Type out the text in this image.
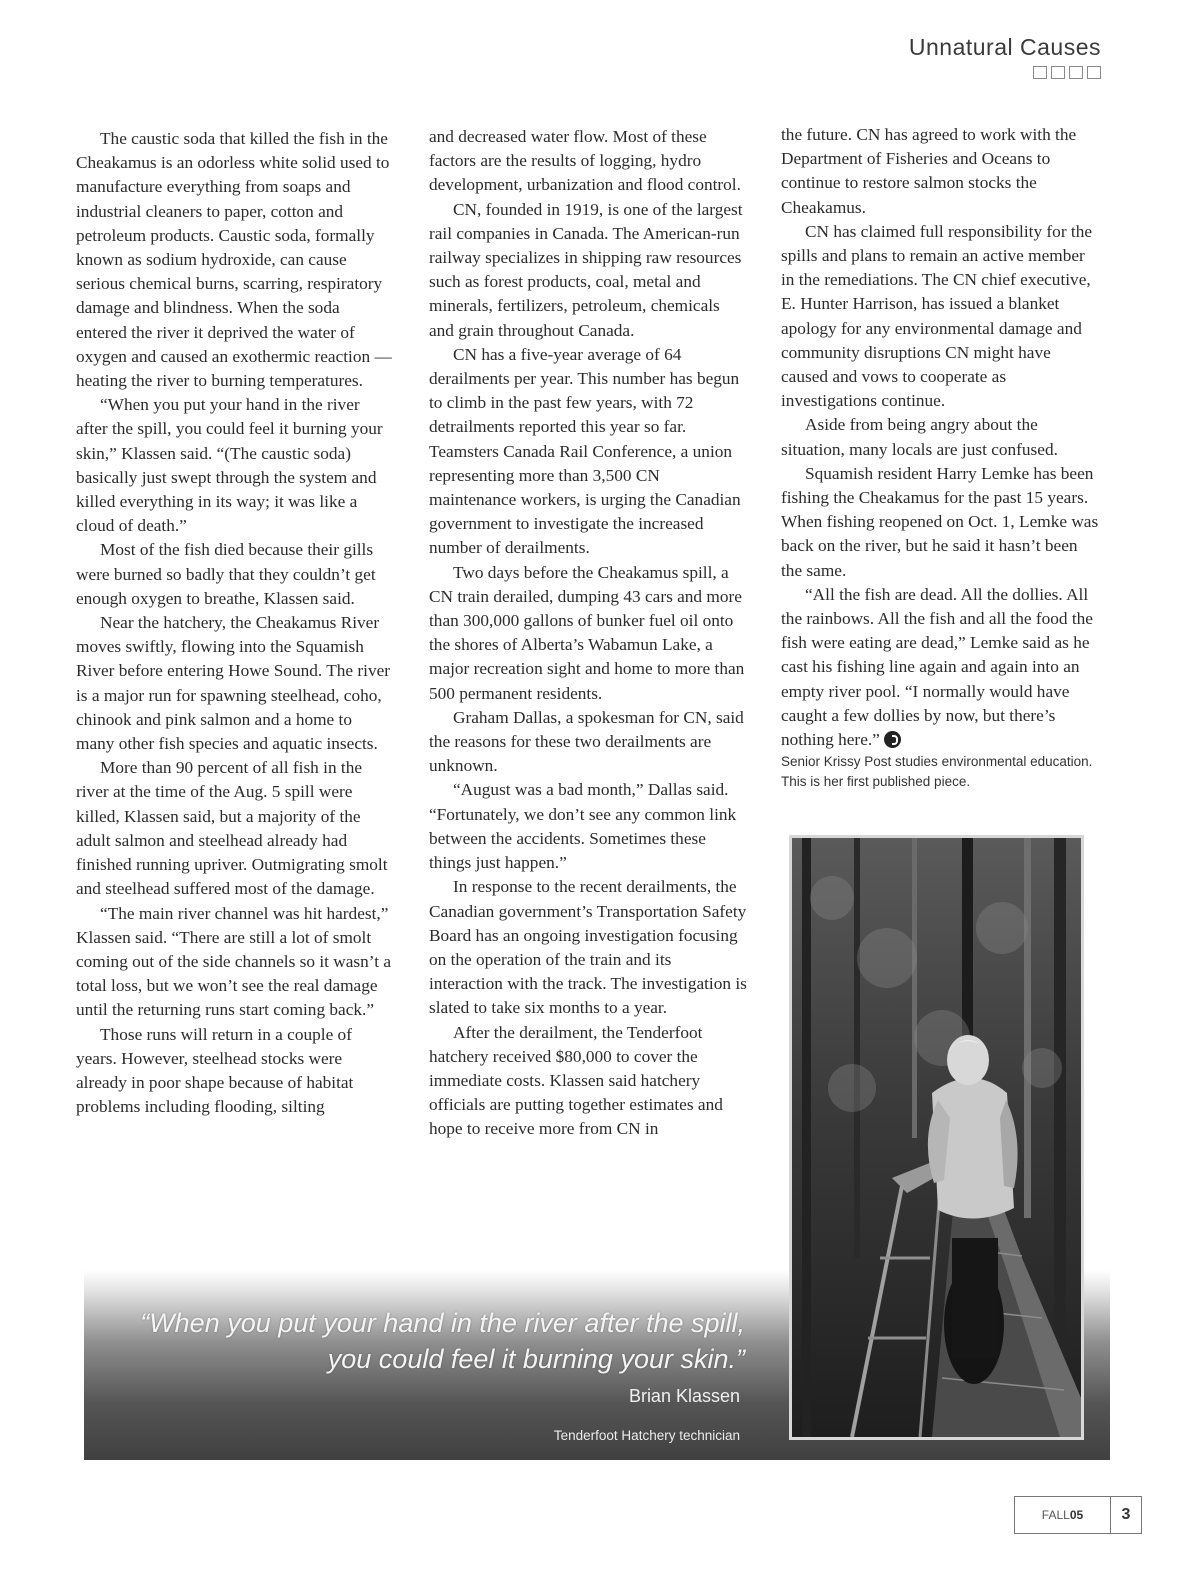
Unnatural Causes

The caustic soda that killed the fish in the Cheakamus is an odorless white solid used to manufacture everything from soaps and industrial cleaners to paper, cotton and petroleum products. Caustic soda, formally known as sodium hydroxide, can cause serious chemical burns, scarring, respiratory damage and blindness. When the soda entered the river it deprived the water of oxygen and caused an exothermic reaction — heating the river to burning temperatures.

“When you put your hand in the river after the spill, you could feel it burning your skin,” Klassen said. “(The caustic soda) basically just swept through the system and killed everything in its way; it was like a cloud of death.”

Most of the fish died because their gills were burned so badly that they couldn’t get enough oxygen to breathe, Klassen said.

Near the hatchery, the Cheakamus River moves swiftly, flowing into the Squamish River before entering Howe Sound. The river is a major run for spawning steelhead, coho, chinook and pink salmon and a home to many other fish species and aquatic insects.

More than 90 percent of all fish in the river at the time of the Aug. 5 spill were killed, Klassen said, but a majority of the adult salmon and steelhead already had finished running upriver. Outmigrating smolt and steelhead suffered most of the damage.

“The main river channel was hit hardest,” Klassen said. “There are still a lot of smolt coming out of the side channels so it wasn’t a total loss, but we won’t see the real damage until the returning runs start coming back.”

Those runs will return in a couple of years. However, steelhead stocks were already in poor shape because of habitat problems including flooding, silting

and decreased water flow. Most of these factors are the results of logging, hydro development, urbanization and flood control.

CN, founded in 1919, is one of the largest rail companies in Canada. The American-run railway specializes in shipping raw resources such as forest products, coal, metal and minerals, fertilizers, petroleum, chemicals and grain throughout Canada.

CN has a five-year average of 64 derailments per year. This number has begun to climb in the past few years, with 72 detrailments reported this year so far. Teamsters Canada Rail Conference, a union representing more than 3,500 CN maintenance workers, is urging the Canadian government to investigate the increased number of derailments.

Two days before the Cheakamus spill, a CN train derailed, dumping 43 cars and more than 300,000 gallons of bunker fuel oil onto the shores of Alberta’s Wabamun Lake, a major recreation sight and home to more than 500 permanent residents.

Graham Dallas, a spokesman for CN, said the reasons for these two derailments are unknown.

“August was a bad month,” Dallas said. “Fortunately, we don’t see any common link between the accidents. Sometimes these things just happen.”

In response to the recent derailments, the Canadian government’s Transportation Safety Board has an ongoing investigation focusing on the operation of the train and its interaction with the track. The investigation is slated to take six months to a year.

After the derailment, the Tenderfoot hatchery received $80,000 to cover the immediate costs. Klassen said hatchery officials are putting together estimates and hope to receive more from CN in

the future. CN has agreed to work with the Department of Fisheries and Oceans to continue to restore salmon stocks the Cheakamus.

CN has claimed full responsibility for the spills and plans to remain an active member in the remediations. The CN chief executive, E. Hunter Harrison, has issued a blanket apology for any environmental damage and community disruptions CN might have caused and vows to cooperate as investigations continue.

Aside from being angry about the situation, many locals are just confused.

Squamish resident Harry Lemke has been fishing the Cheakamus for the past 15 years. When fishing reopened on Oct. 1, Lemke was back on the river, but he said it hasn’t been the same.

“All the fish are dead. All the dollies. All the rainbows. All the fish and all the food the fish were eating are dead,” Lemke said as he cast his fishing line again and again into an empty river pool. “I normally would have caught a few dollies by now, but there’s nothing here.”

Senior Krissy Post studies environmental education. This is her first published piece.

“When you put your hand in the river after the spill,
you could feel it burning your skin.”
Brian Klassen
Tenderfoot Hatchery technician
FALL 05	3
